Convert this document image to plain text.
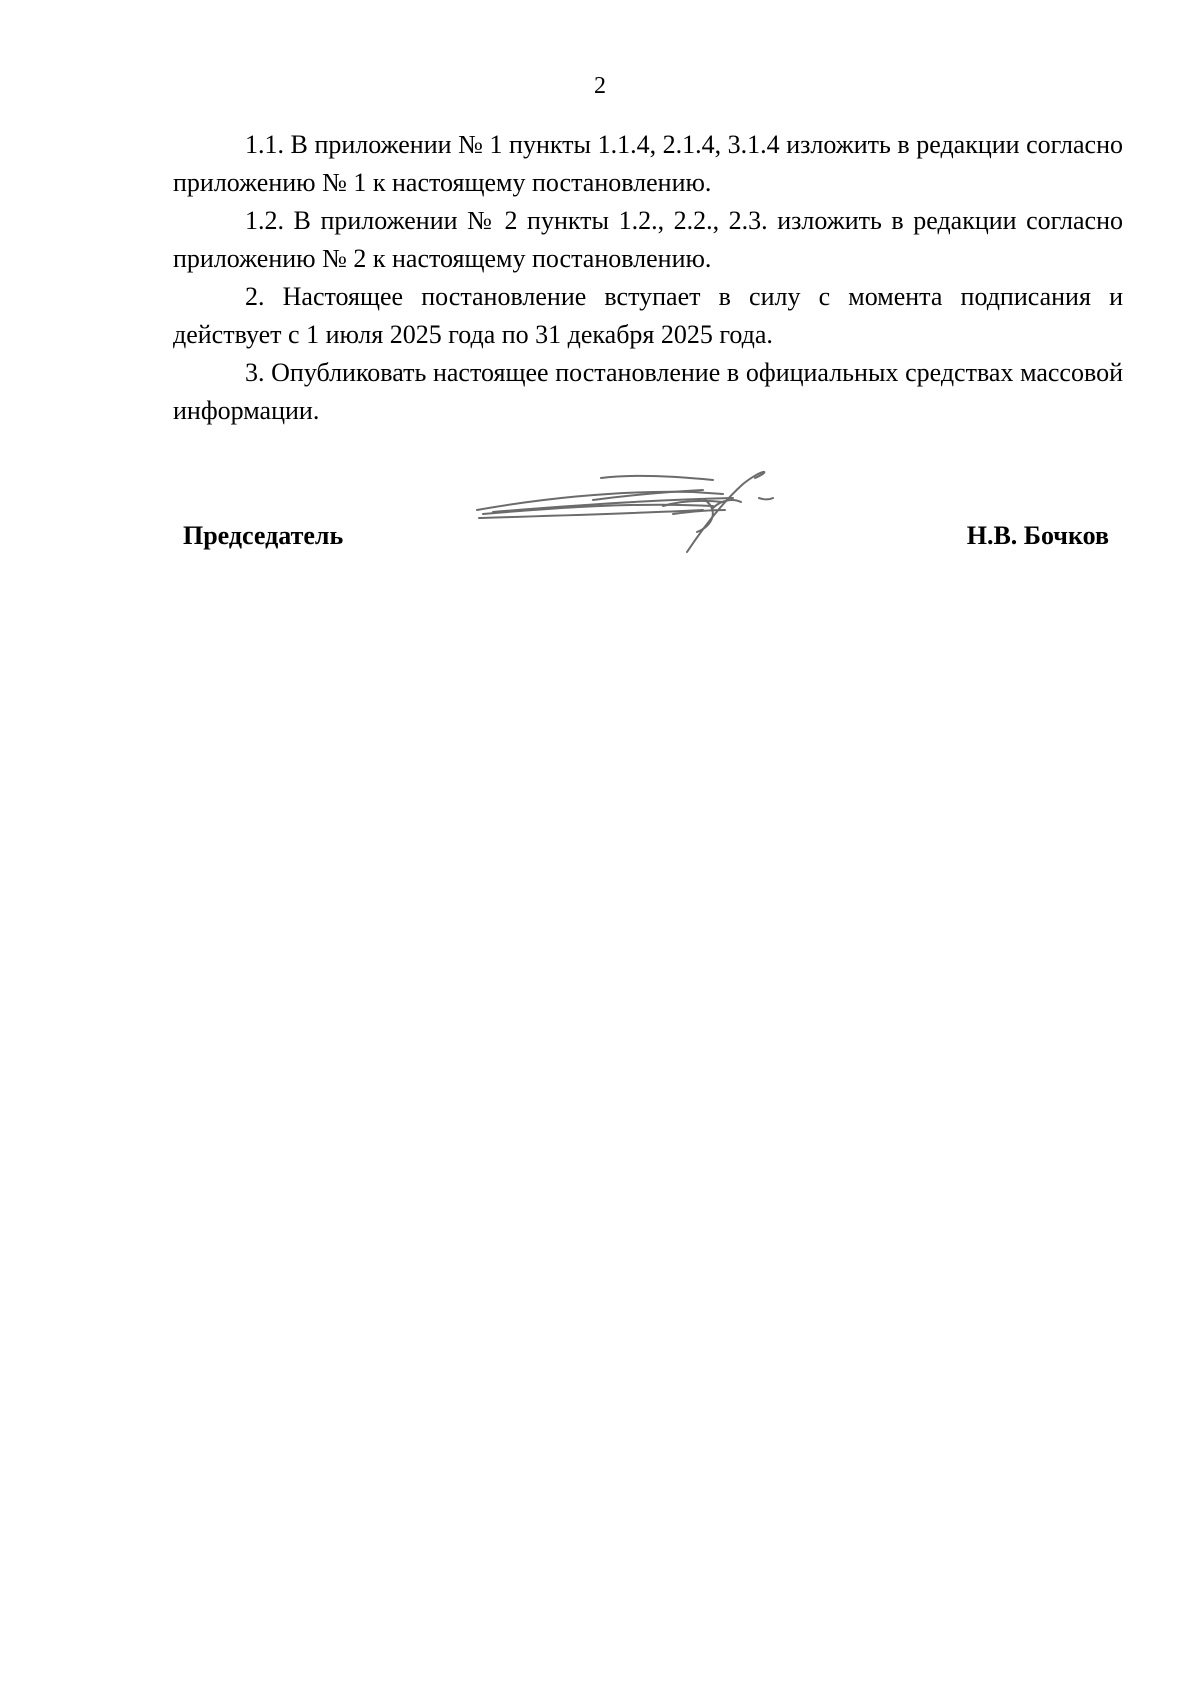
2

1.1. В приложении № 1 пункты 1.1.4, 2.1.4, 3.1.4 изложить в редакции согласно приложению № 1 к настоящему постановлению.

1.2. В приложении № 2 пункты 1.2., 2.2., 2.3. изложить в редакции согласно приложению № 2 к настоящему постановлению.

2. Настоящее постановление вступает в силу с момента подписания и действует с 1 июля 2025 года по 31 декабря 2025 года.

3. Опубликовать настоящее постановление в официальных средствах массовой информации.

Председатель	Н.В. Бочков
